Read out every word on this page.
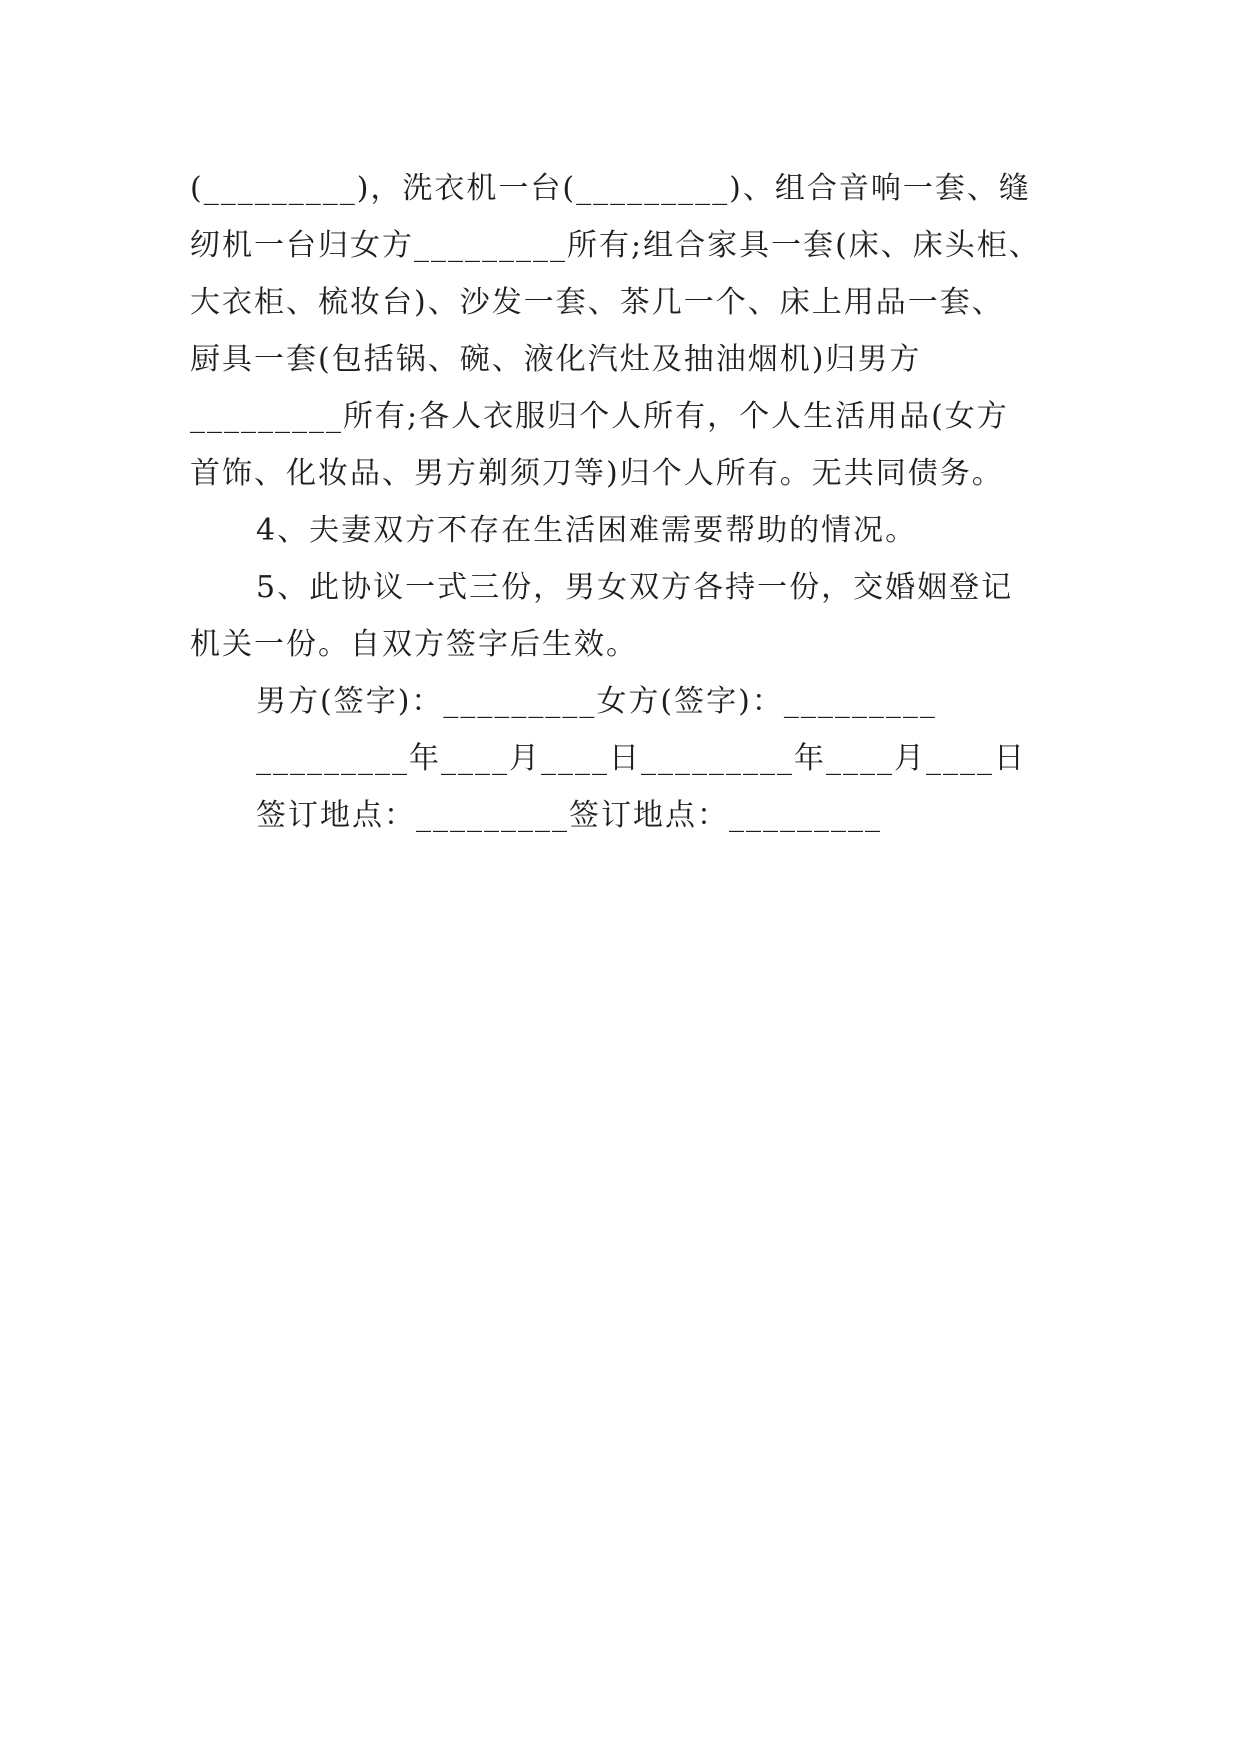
(_________)，洗衣机一台(_________)、组合音响一套、缝
纫机一台归女方_________所有;组合家具一套(床、床头柜、
大衣柜、梳妆台)、沙发一套、茶几一个、床上用品一套、
厨具一套(包括锅、碗、液化汽灶及抽油烟机)归男方
_________所有;各人衣服归个人所有，个人生活用品(女方
首饰、化妆品、男方剃须刀等)归个人所有。无共同债务。
4、夫妻双方不存在生活困难需要帮助的情况。
5、此协议一式三份，男女双方各持一份，交婚姻登记
机关一份。自双方签字后生效。
男方(签字)：_________女方(签字)：_________
_________年____月____日_________年____月____日
签订地点：_________签订地点：_________
